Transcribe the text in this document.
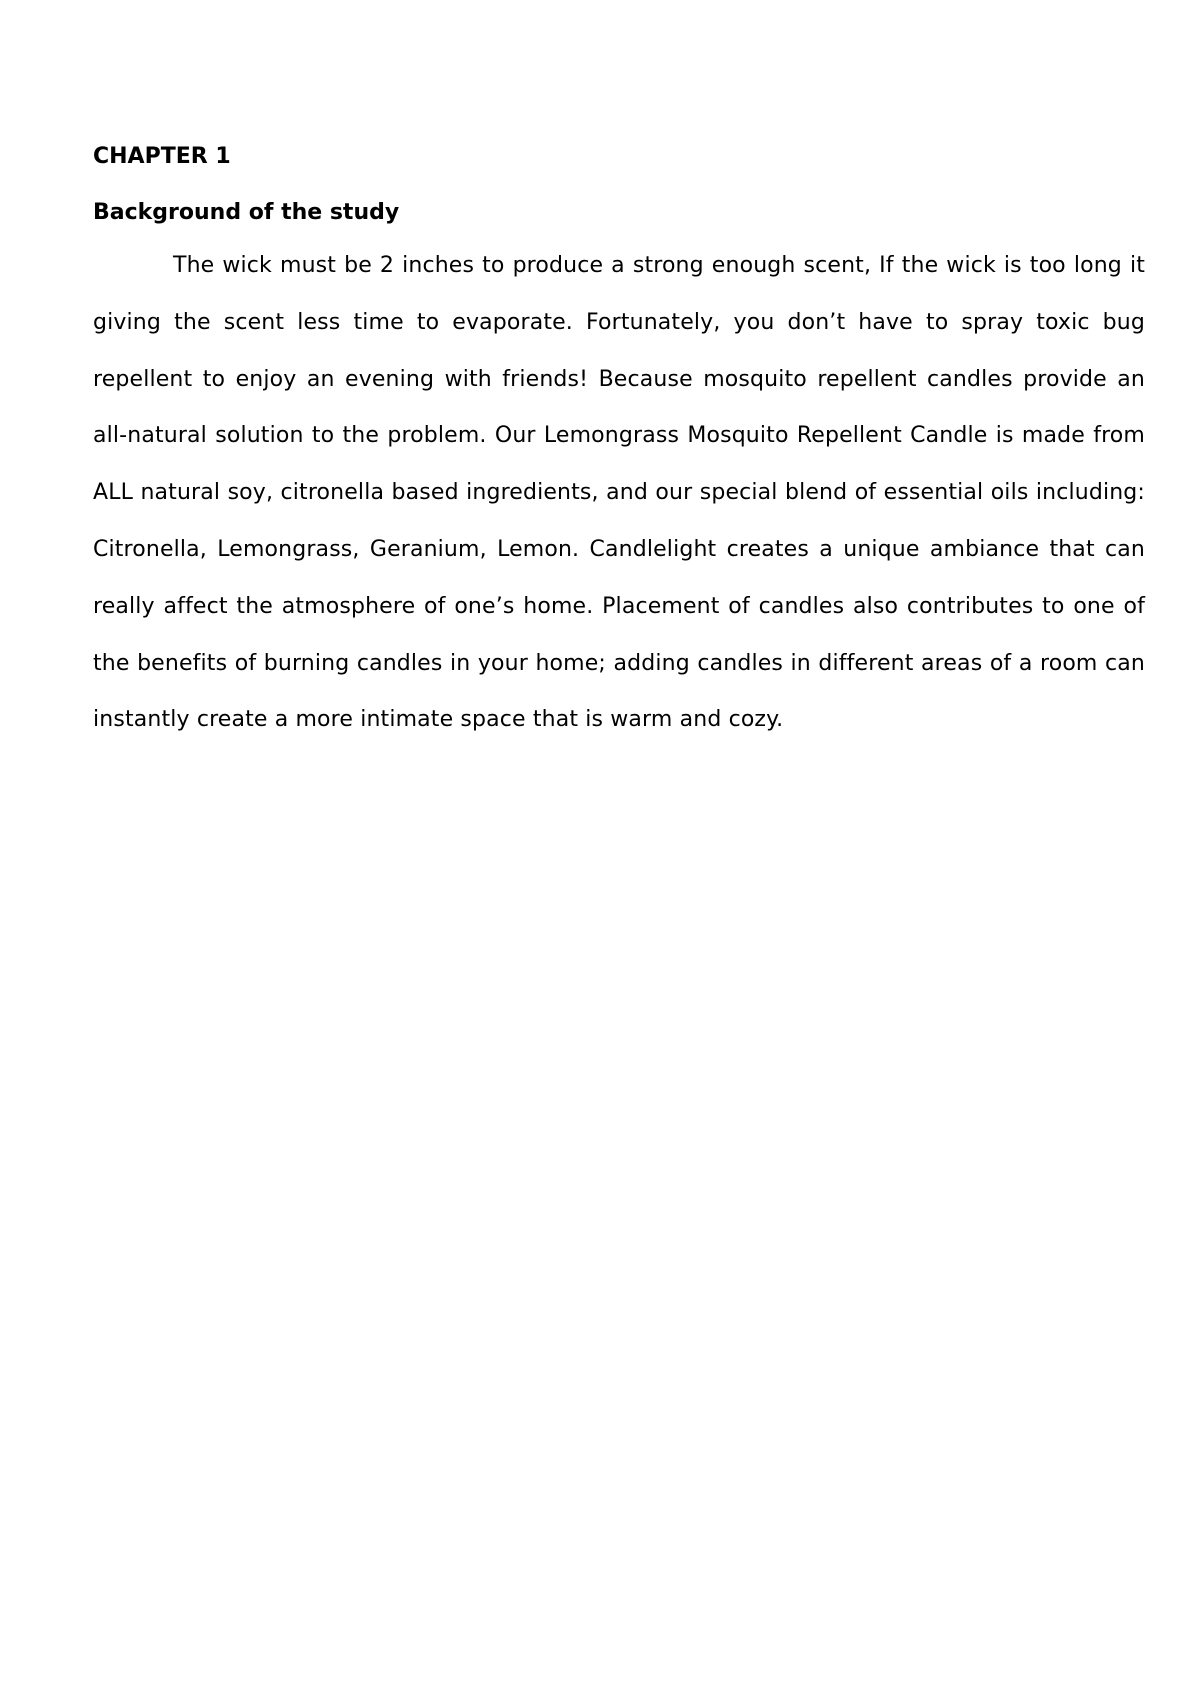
CHAPTER 1
Background of the study

The wick must be 2 inches to produce a strong enough scent, If the wick is too long it giving the scent less time to evaporate. Fortunately, you don’t have to spray toxic bug repellent to enjoy an evening with friends! Because mosquito repellent candles provide an all-natural solution to the problem. Our Lemongrass Mosquito Repellent Candle is made from ALL natural soy, citronella based ingredients, and our special blend of essential oils including: Citronella, Lemongrass, Geranium, Lemon. Candlelight creates a unique ambiance that can really affect the atmosphere of one’s home. Placement of candles also contributes to one of the benefits of burning candles in your home; adding candles in different areas of a room can instantly create a more intimate space that is warm and cozy.
